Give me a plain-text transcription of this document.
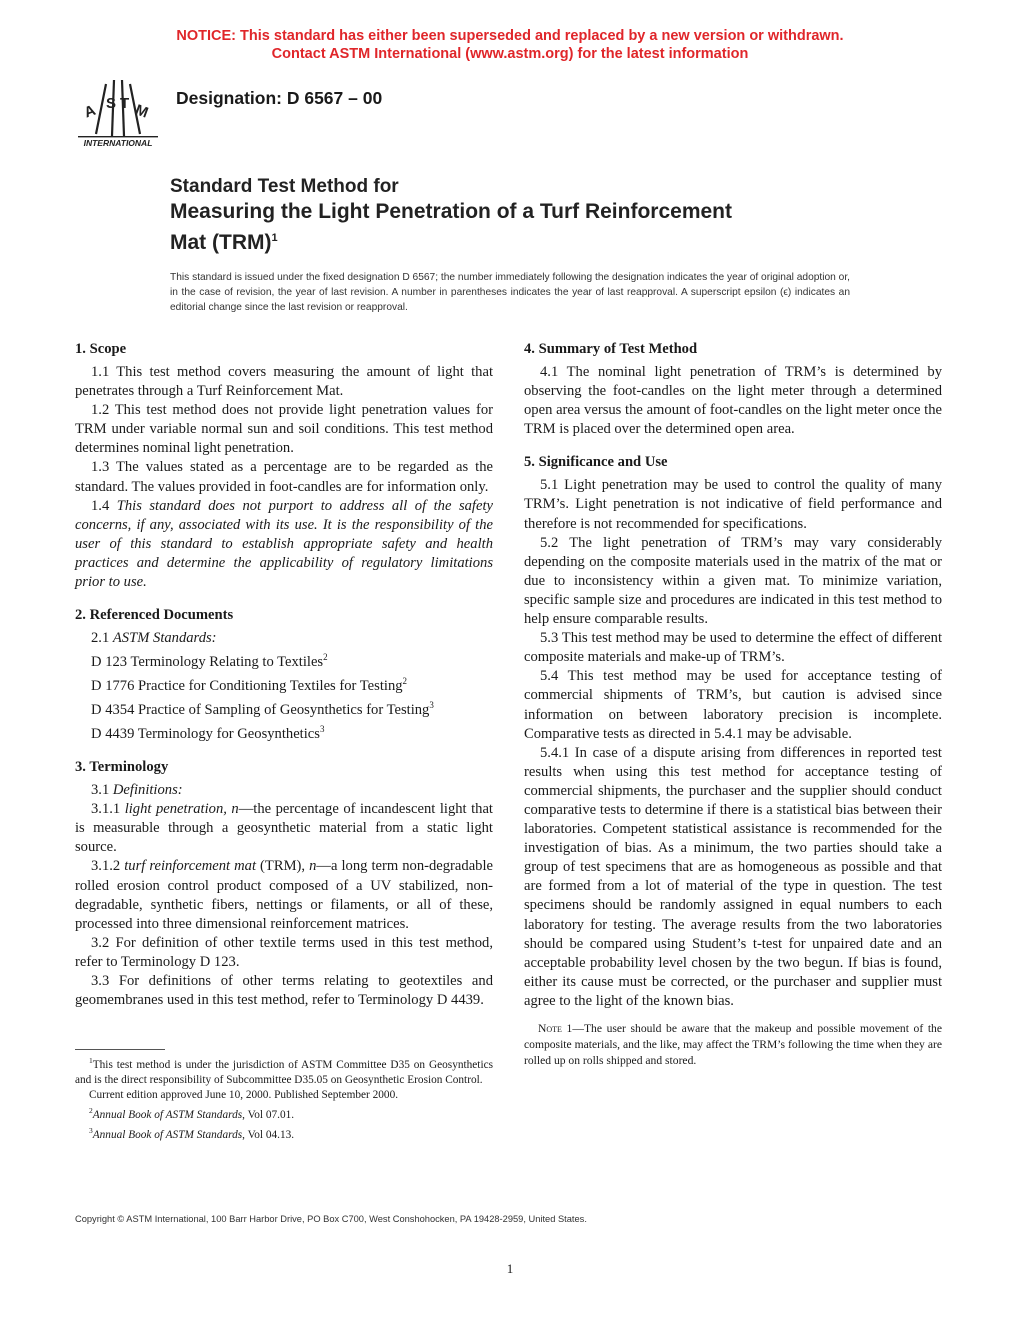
NOTICE: This standard has either been superseded and replaced by a new version or withdrawn.
Contact ASTM International (www.astm.org) for the latest information
A S T M
INTERNATIONAL
Designation: D 6567 – 00
Standard Test Method for
Measuring the Light Penetration of a Turf Reinforcement
Mat (TRM)$^1$
This standard is issued under the fixed designation D 6567; the number immediately following the designation indicates the year of original adoption or, in the case of revision, the year of last revision. A number in parentheses indicates the year of last reapproval. A superscript epsilon (ϵ) indicates an editorial change since the last revision or reapproval.
1. Scope

1.1 This test method covers measuring the amount of light that penetrates through a Turf Reinforcement Mat.

1.2 This test method does not provide light penetration values for TRM under variable normal sun and soil conditions. This test method determines nominal light penetration.

1.3 The values stated as a percentage are to be regarded as the standard. The values provided in foot-candles are for information only.

1.4 This standard does not purport to address all of the safety concerns, if any, associated with its use. It is the responsibility of the user of this standard to establish appropriate safety and health practices and determine the applicability of regulatory limitations prior to use.

2. Referenced Documents

2.1 ASTM Standards:

D 123 Terminology Relating to Textiles$^2$

D 1776 Practice for Conditioning Textiles for Testing$^2$

D 4354 Practice of Sampling of Geosynthetics for Testing$^3$

D 4439 Terminology for Geosynthetics$^3$

3. Terminology

3.1 Definitions:

3.1.1 light penetration, n—the percentage of incandescent light that is measurable through a geosynthetic material from a static light source.

3.1.2 turf reinforcement mat (TRM), n—a long term non-degradable rolled erosion control product composed of a UV stabilized, non-degradable, synthetic fibers, nettings or filaments, or all of these, processed into three dimensional reinforcement matrices.

3.2 For definition of other textile terms used in this test method, refer to Terminology D 123.

3.3 For definitions of other terms relating to geotextiles and geomembranes used in this test method, refer to Terminology D 4439.

4. Summary of Test Method

4.1 The nominal light penetration of TRM’s is determined by observing the foot-candles on the light meter through a determined open area versus the amount of foot-candles on the light meter once the TRM is placed over the determined open area.

5. Significance and Use

5.1 Light penetration may be used to control the quality of many TRM’s. Light penetration is not indicative of field performance and therefore is not recommended for specifications.

5.2 The light penetration of TRM’s may vary considerably depending on the composite materials used in the matrix of the mat or due to inconsistency within a given mat. To minimize variation, specific sample size and procedures are indicated in this test method to help ensure comparable results.

5.3 This test method may be used to determine the effect of different composite materials and make-up of TRM’s.

5.4 This test method may be used for acceptance testing of commercial shipments of TRM’s, but caution is advised since information on between laboratory precision is incomplete. Comparative tests as directed in 5.4.1 may be advisable.

5.4.1 In case of a dispute arising from differences in reported test results when using this test method for acceptance testing of commercial shipments, the purchaser and the supplier should conduct comparative tests to determine if there is a statistical bias between their laboratories. Competent statistical assistance is recommended for the investigation of bias. As a minimum, the two parties should take a group of test specimens that are as homogeneous as possible and that are formed from a lot of material of the type in question. The test specimens should be randomly assigned in equal numbers to each laboratory for testing. The average results from the two laboratories should be compared using Student’s t-test for unpaired date and an acceptable probability level chosen by the two begun. If bias is found, either its cause must be corrected, or the purchaser and supplier must agree to the light of the known bias.

Note 1—The user should be aware that the makeup and possible movement of the composite materials, and the like, may affect the TRM’s following the time when they are rolled up on rolls shipped and stored.

$^1$This test method is under the jurisdiction of ASTM Committee D35 on Geosynthetics and is the direct responsibility of Subcommittee D35.05 on Geosynthetic Erosion Control.

Current edition approved June 10, 2000. Published September 2000.

$^2$Annual Book of ASTM Standards, Vol 07.01.

$^3$Annual Book of ASTM Standards, Vol 04.13.

Copyright © ASTM International, 100 Barr Harbor Drive, PO Box C700, West Conshohocken, PA 19428-2959, United States.
1
